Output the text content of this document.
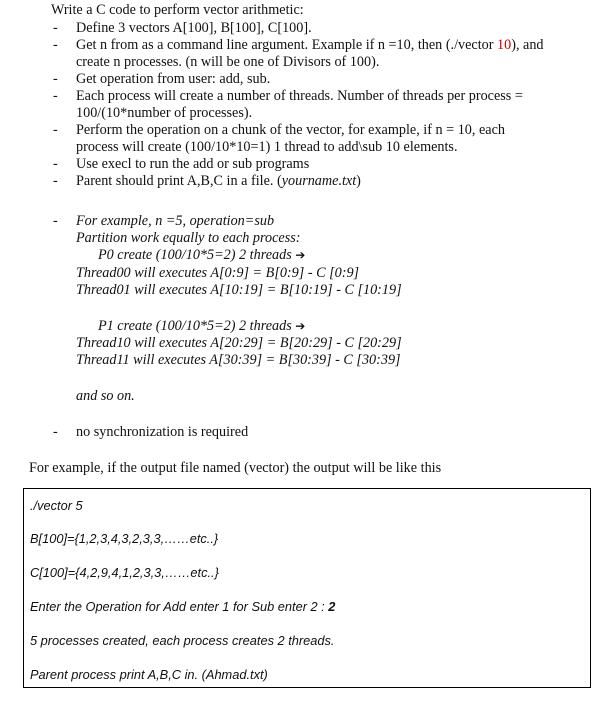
Write a C code to perform vector arithmetic:
-	Define 3 vectors A[100], B[100], C[100].
-	Get n from as a command line argument. Example if n =10, then (./vector 10), and
create n processes. (n will be one of Divisors of 100).
-	Get operation from user: add, sub.
-	Each process will create a number of threads. Number of threads per process =
100/(10*number of processes).
-	Perform the operation on a chunk of the vector, for example, if n = 10, each
process will create (100/10*10=1) 1 thread to add\sub 10 elements.
-	Use execl to run the add or sub programs
-	Parent should print A,B,C in a file. (yourname.txt)
-	For example, n =5, operation=sub
Partition work equally to each process:
P0 create (100/10*5=2) 2 threads ➔
Thread00 will executes A[0:9] = B[0:9] - C [0:9]
Thread01 will executes A[10:19] = B[10:19] - C [10:19]
P1 create (100/10*5=2) 2 threads ➔
Thread10 will executes A[20:29] = B[20:29] - C [20:29]
Thread11 will executes A[30:39] = B[30:39] - C [30:39]
and so on.
-	no synchronization is required
For example, if the output file named (vector) the output will be like this
./vector 5
B[100]={1,2,3,4,3,2,3,3,……etc..}
C[100]={4,2,9,4,1,2,3,3,……etc..}
Enter the Operation for Add enter 1 for Sub enter 2 : 2
5 processes created, each process creates 2 threads.
Parent process print A,B,C in. (Ahmad.txt)
